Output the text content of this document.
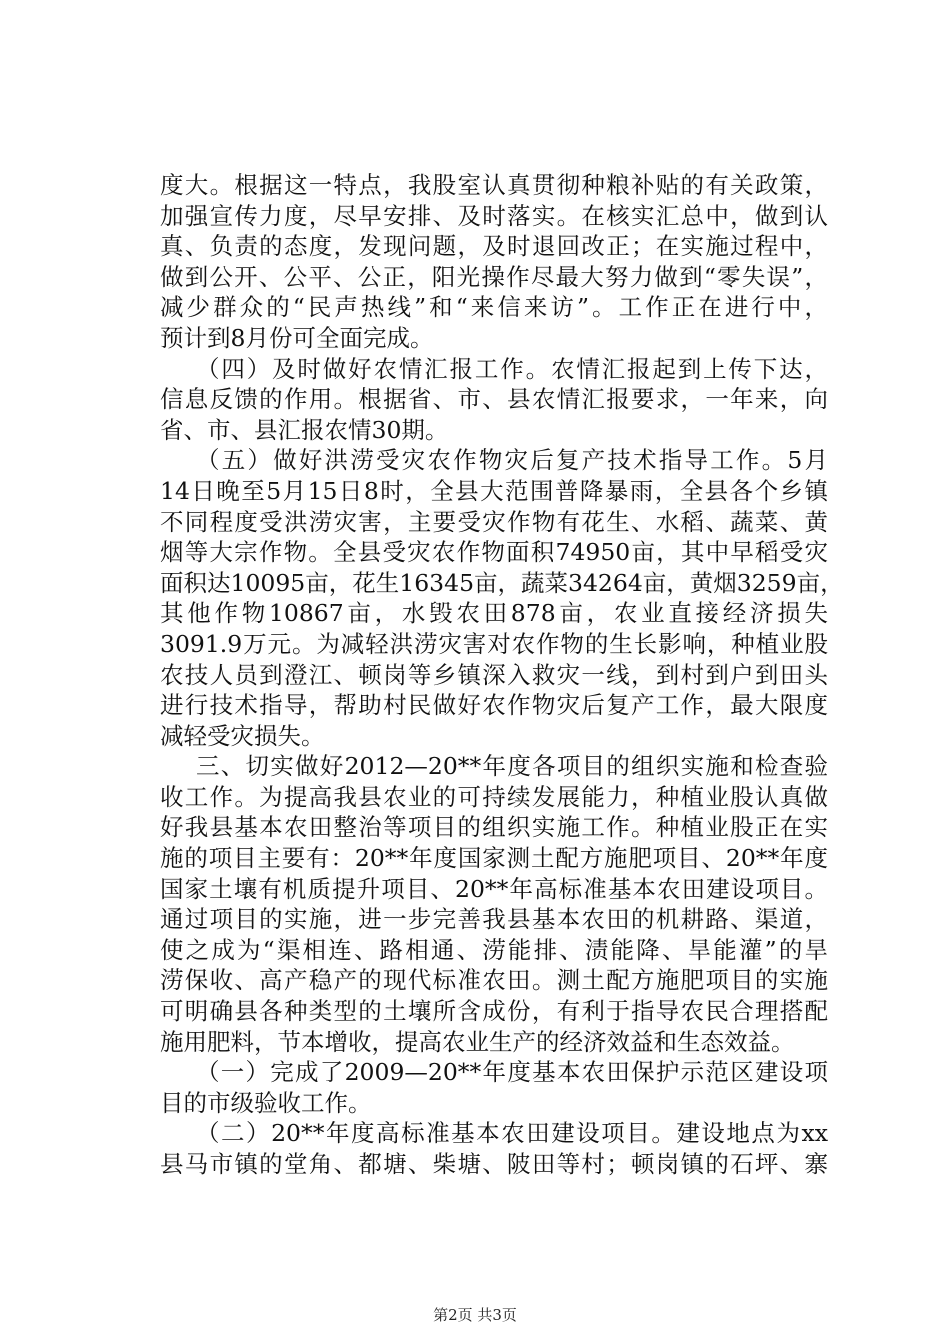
度大。根据这一特点，我股室认真贯彻种粮补贴的有关政策，
加强宣传力度，尽早安排、及时落实。在核实汇总中，做到认
真、负责的态度，发现问题，及时退回改正；在实施过程中，
做到公开、公平、公正，阳光操作尽最大努力做到“零失误”，
减少群众的“民声热线”和“来信来访”。工作正在进行中，
预计到8月份可全面完成。
（四）及时做好农情汇报工作。农情汇报起到上传下达，
信息反馈的作用。根据省、市、县农情汇报要求，一年来，向
省、市、县汇报农情30期。
（五）做好洪涝受灾农作物灾后复产技术指导工作。5月
14日晚至5月15日8时，全县大范围普降暴雨，全县各个乡镇
不同程度受洪涝灾害，主要受灾作物有花生、水稻、蔬菜、黄
烟等大宗作物。全县受灾农作物面积74950亩，其中早稻受灾
面积达10095亩，花生16345亩，蔬菜34264亩，黄烟3259亩，
其他作物10867亩，水毁农田878亩，农业直接经济损失
3091.9万元。为减轻洪涝灾害对农作物的生长影响，种植业股
农技人员到澄江、顿岗等乡镇深入救灾一线，到村到户到田头
进行技术指导，帮助村民做好农作物灾后复产工作，最大限度
减轻受灾损失。
三、切实做好2012—20**年度各项目的组织实施和检查验
收工作。为提高我县农业的可持续发展能力，种植业股认真做
好我县基本农田整治等项目的组织实施工作。种植业股正在实
施的项目主要有：20**年度国家测土配方施肥项目、20**年度
国家土壤有机质提升项目、20**年高标准基本农田建设项目。
通过项目的实施，进一步完善我县基本农田的机耕路、渠道，
使之成为“渠相连、路相通、涝能排、渍能降、旱能灌”的旱
涝保收、高产稳产的现代标准农田。测土配方施肥项目的实施
可明确县各种类型的土壤所含成份，有利于指导农民合理搭配
施用肥料，节本增收，提高农业生产的经济效益和生态效益。
（一）完成了2009—20**年度基本农田保护示范区建设项
目的市级验收工作。
（二）20**年度高标准基本农田建设项目。建设地点为xx
县马市镇的堂角、都塘、柴塘、陂田等村；顿岗镇的石坪、寨
第2页 共3页
